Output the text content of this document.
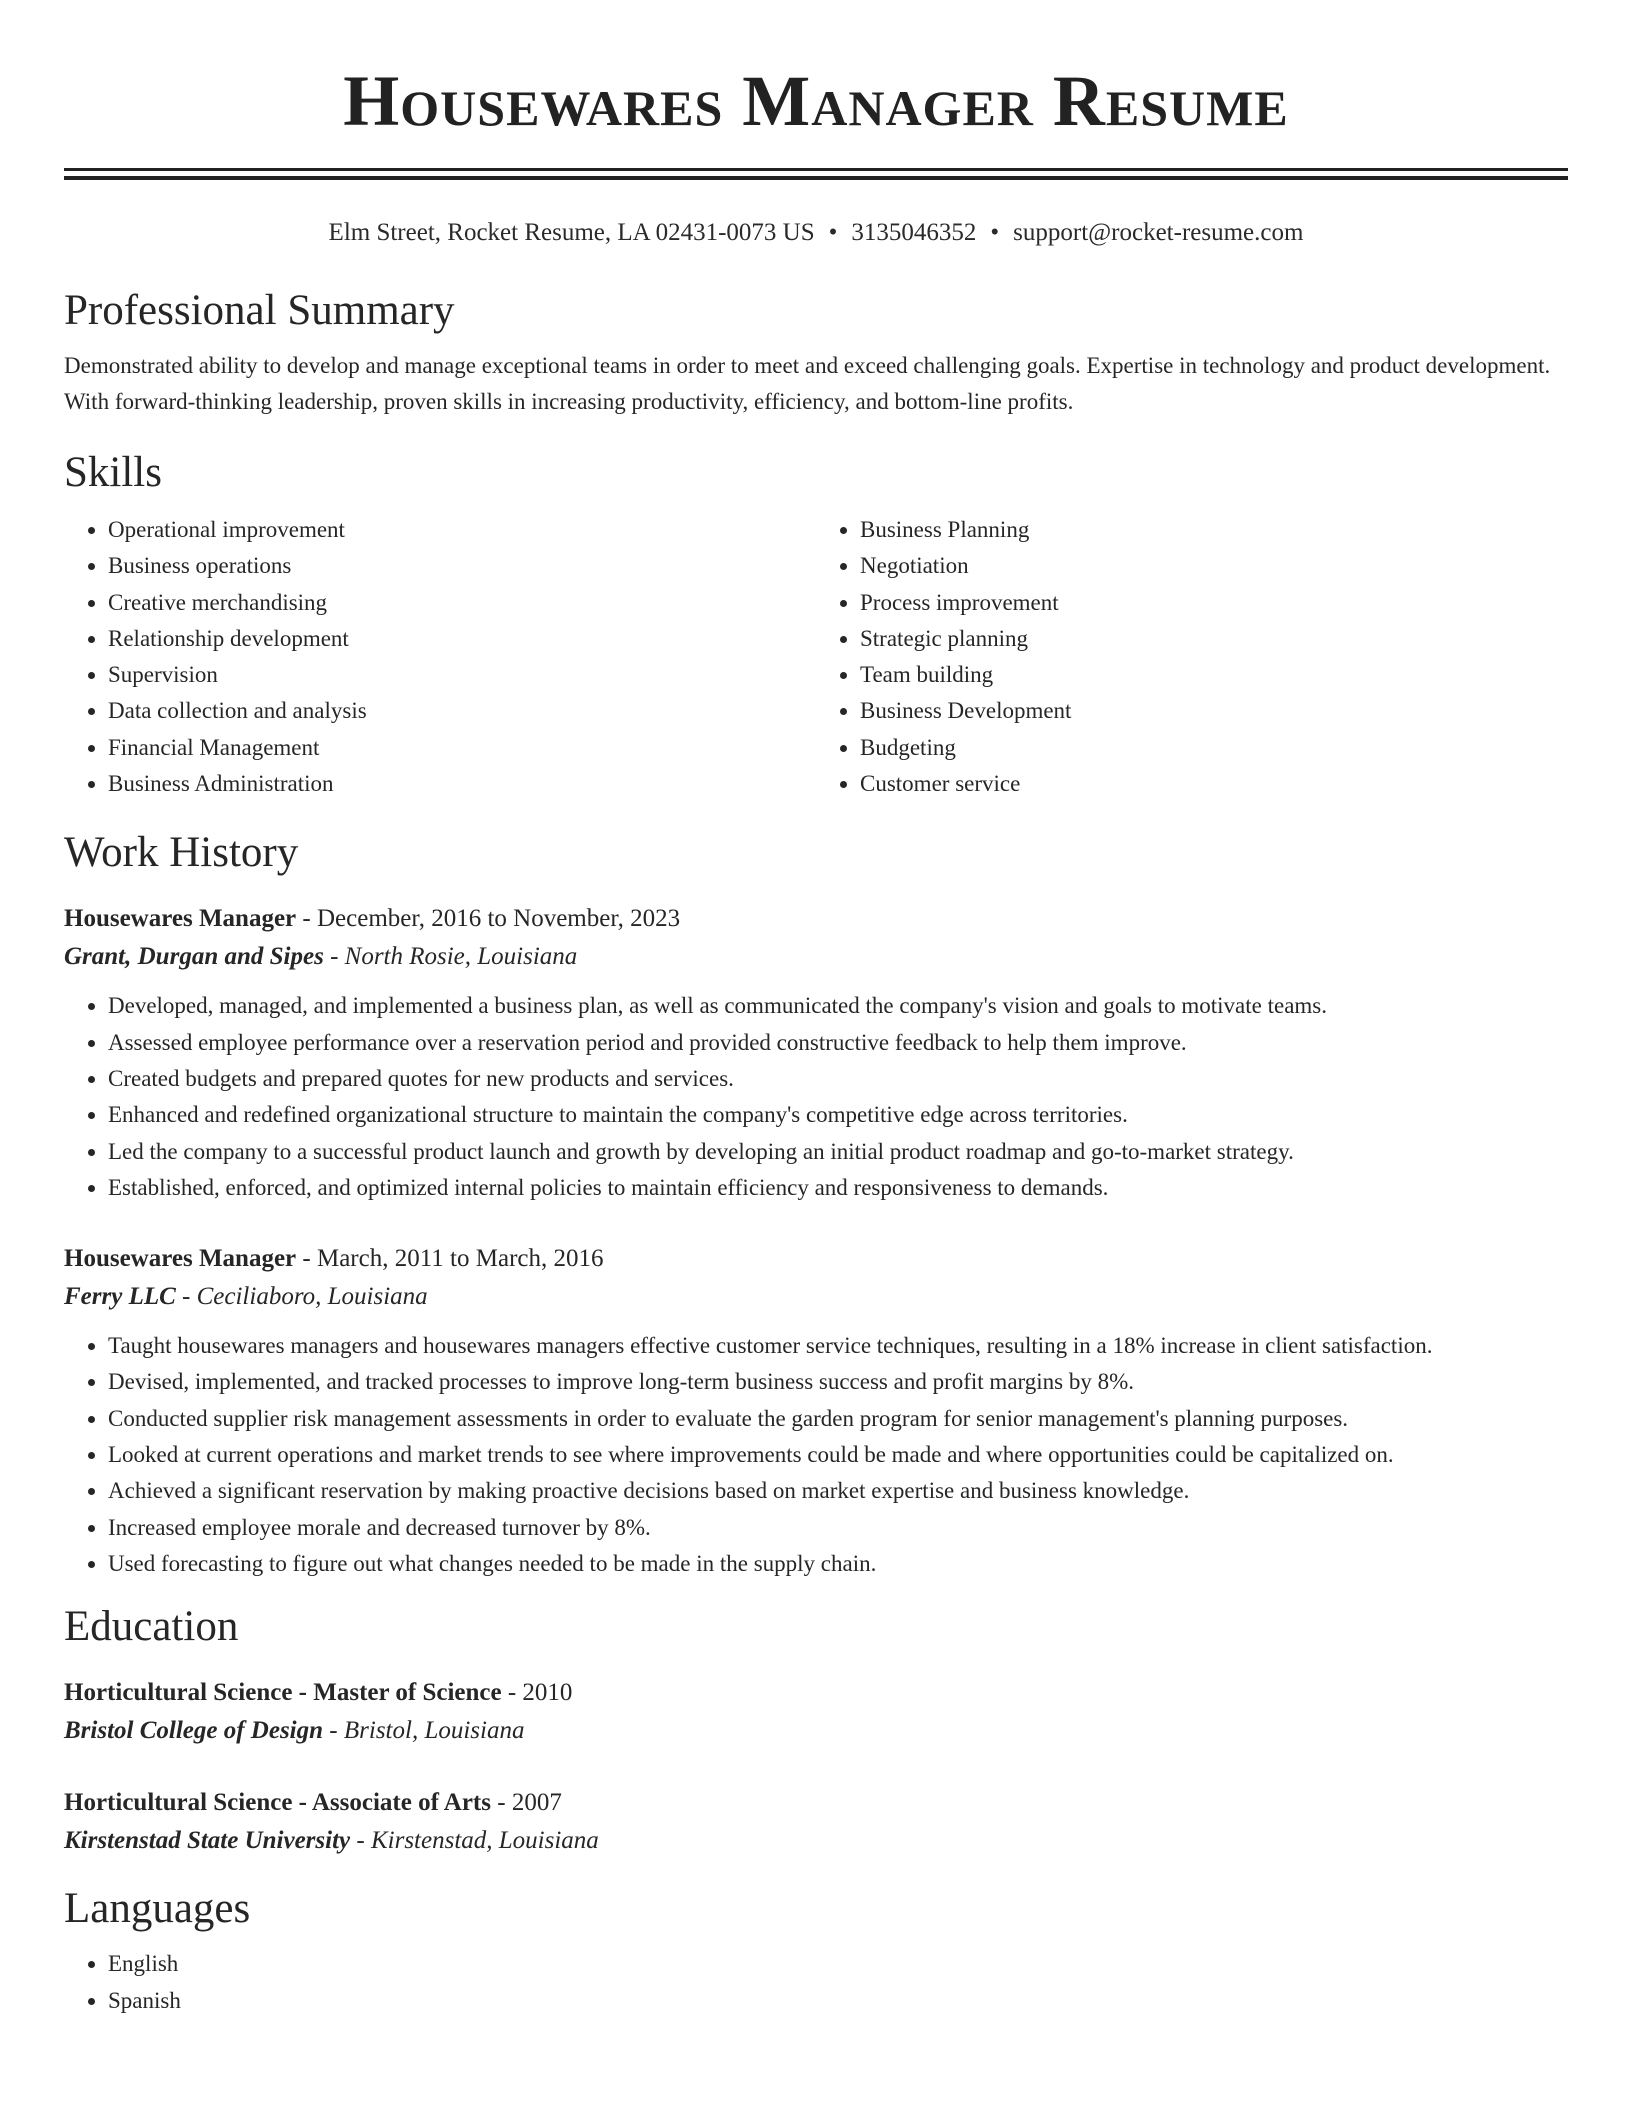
Housewares Manager Resume
Elm Street, Rocket Resume, LA 02431-0073 US • 3135046352 • support@rocket-resume.com
Professional Summary

Demonstrated ability to develop and manage exceptional teams in order to meet and exceed challenging goals. Expertise in technology and product development. With forward-thinking leadership, proven skills in increasing productivity, efficiency, and bottom-line profits.

Skills
• Operational improvement
• Business operations
• Creative merchandising
• Relationship development
• Supervision
• Data collection and analysis
• Financial Management
• Business Administration
• Business Planning
• Negotiation
• Process improvement
• Strategic planning
• Team building
• Business Development
• Budgeting
• Customer service
Work History
Housewares Manager - December, 2016 to November, 2023
Grant, Durgan and Sipes - North Rosie, Louisiana
• Developed, managed, and implemented a business plan, as well as communicated the company's vision and goals to motivate teams.
• Assessed employee performance over a reservation period and provided constructive feedback to help them improve.
• Created budgets and prepared quotes for new products and services.
• Enhanced and redefined organizational structure to maintain the company's competitive edge across territories.
• Led the company to a successful product launch and growth by developing an initial product roadmap and go-to-market strategy.
• Established, enforced, and optimized internal policies to maintain efficiency and responsiveness to demands.
Housewares Manager - March, 2011 to March, 2016
Ferry LLC - Ceciliaboro, Louisiana
• Taught housewares managers and housewares managers effective customer service techniques, resulting in a 18% increase in client satisfaction.
• Devised, implemented, and tracked processes to improve long-term business success and profit margins by 8%.
• Conducted supplier risk management assessments in order to evaluate the garden program for senior management's planning purposes.
• Looked at current operations and market trends to see where improvements could be made and where opportunities could be capitalized on.
• Achieved a significant reservation by making proactive decisions based on market expertise and business knowledge.
• Increased employee morale and decreased turnover by 8%.
• Used forecasting to figure out what changes needed to be made in the supply chain.
Education
Horticultural Science - Master of Science - 2010
Bristol College of Design - Bristol, Louisiana
Horticultural Science - Associate of Arts - 2007
Kirstenstad State University - Kirstenstad, Louisiana
Languages
• English
• Spanish
